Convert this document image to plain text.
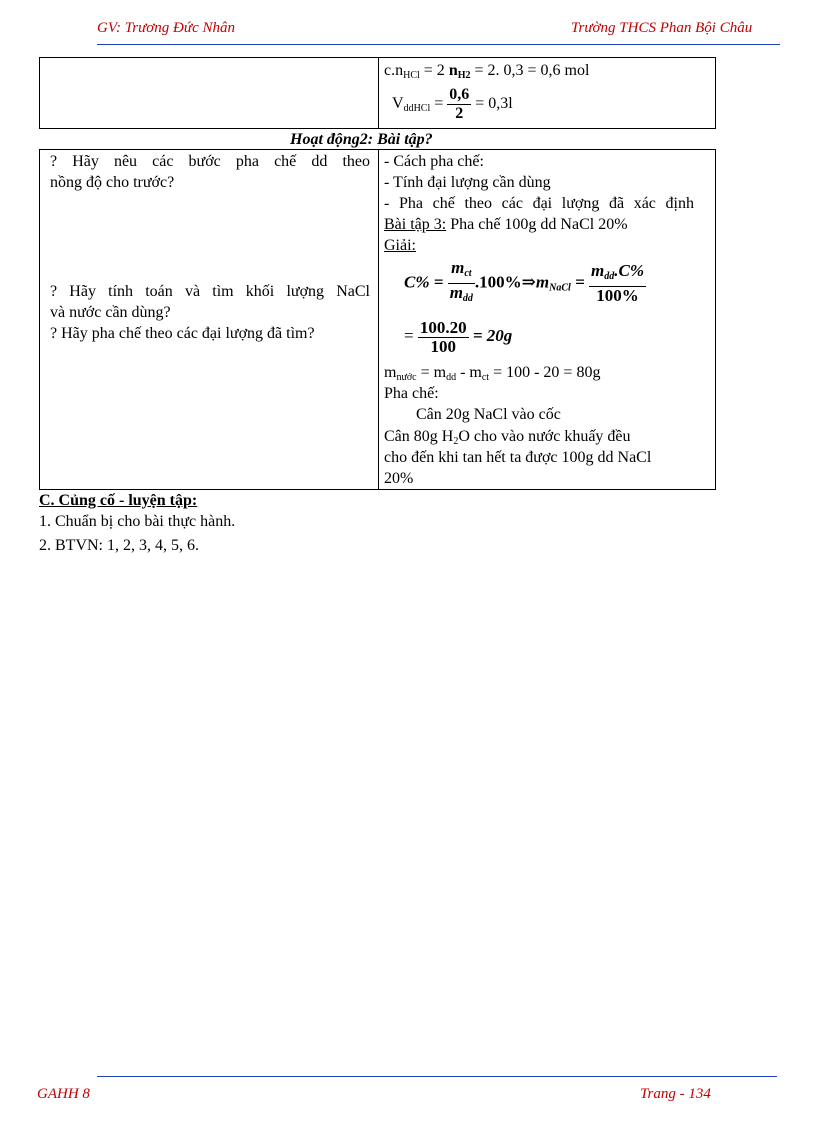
GV: Trương Đức Nhân	Trường THCS Phan Bội Châu
$c.n_{HCl} = 2$ $n_{H2} = 2$. 0,3 = 0,6 mol
$V_{ddHCl} = \frac{0,6}{2} = 0,3l$
Hoạt động2: Bài tập?
? Hãy nêu các bước pha chế dd theo
nồng độ cho trước?
? Hãy tính toán và tìm khối lượng NaCl
và nước cần dùng?
? Hãy pha chế theo các đại lượng đã tìm?
- Cách pha chế:
- Tính đại lượng cần dùng
- Pha chế theo các đại lượng đã xác định
Bài tập 3: Pha chế 100g dd NaCl 20%
Giải:
$C\% = \frac{m_{ct}}{m_{dd}}$ $.100\%\Rightarrow m_{NaCl} = \frac{m_{dd}.C\%}{100\%}$
= $\frac{100.20}{100} = 20g$
$m_{nước} = m_{dd} - m_{ct} = 100 - 20 = 80g$
Pha chế:
Cân 20g NaCl vào cốc
Cân 80g $H_2O$ cho vào nước khuấy đều
cho đến khi tan hết ta được 100g dd NaCl
20%
C. Củng cố - luyện tập:
1. Chuẩn bị cho bài thực hành.
2. BTVN: 1, 2, 3, 4, 5, 6.
GAHH 8	Trang - 134
